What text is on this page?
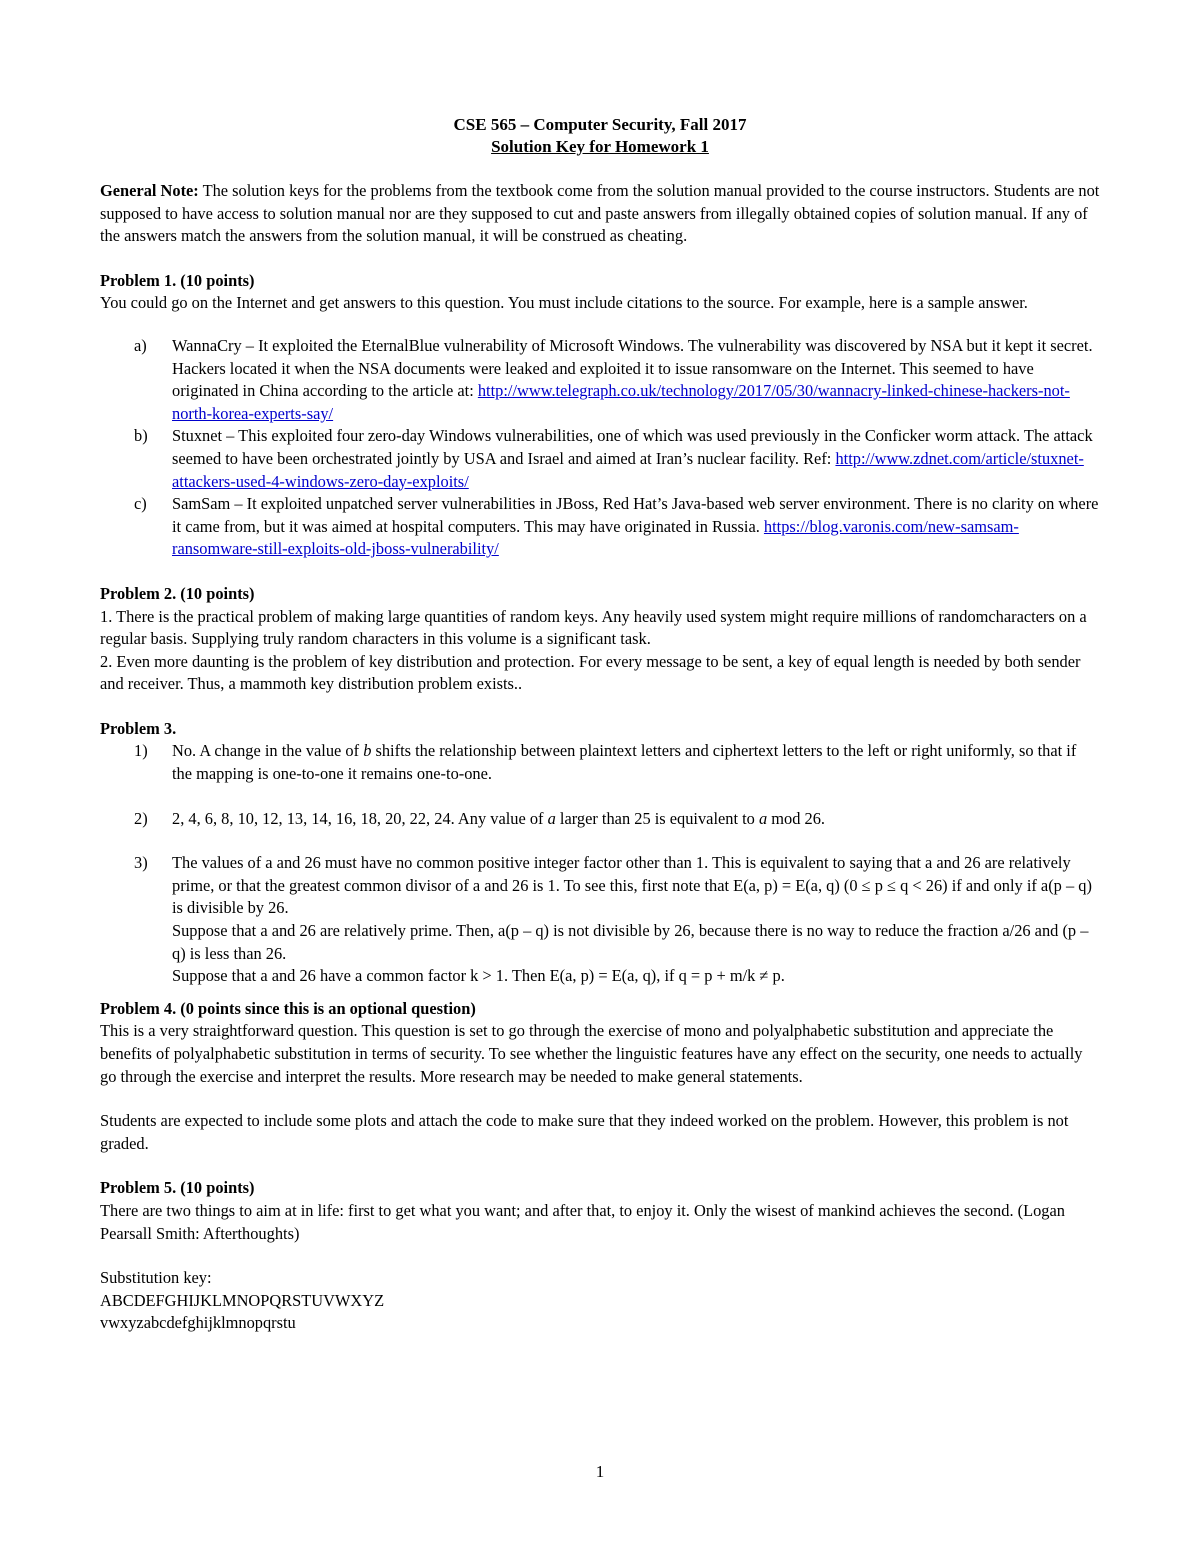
CSE 565 – Computer Security, Fall 2017

Solution Key for Homework 1

General Note: The solution keys for the problems from the textbook come from the solution manual provided to the course instructors. Students are not supposed to have access to solution manual nor are they supposed to cut and paste answers from illegally obtained copies of solution manual. If any of the answers match the answers from the solution manual, it will be construed as cheating.

Problem 1. (10 points)

You could go on the Internet and get answers to this question. You must include citations to the source. For example, here is a sample answer.

a) WannaCry – It exploited the EternalBlue vulnerability of Microsoft Windows. The vulnerability was discovered by NSA but it kept it secret. Hackers located it when the NSA documents were leaked and exploited it to issue ransomware on the Internet. This seemed to have originated in China according to the article at: http://www.telegraph.co.uk/technology/2017/05/30/wannacry-linked-chinese-hackers-not-north-korea-experts-say/
b) Stuxnet – This exploited four zero-day Windows vulnerabilities, one of which was used previously in the Conficker worm attack. The attack seemed to have been orchestrated jointly by USA and Israel and aimed at Iran’s nuclear facility. Ref: http://www.zdnet.com/article/stuxnet-attackers-used-4-windows-zero-day-exploits/
c) SamSam – It exploited unpatched server vulnerabilities in JBoss, Red Hat’s Java-based web server environment. There is no clarity on where it came from, but it was aimed at hospital computers. This may have originated in Russia. https://blog.varonis.com/new-samsam-ransomware-still-exploits-old-jboss-vulnerability/

Problem 2. (10 points)

1. There is the practical problem of making large quantities of random keys. Any heavily used system might require millions of randomcharacters on a regular basis. Supplying truly random characters in this volume is a significant task.

2. Even more daunting is the problem of key distribution and protection. For every message to be sent, a key of equal length is needed by both sender and receiver. Thus, a mammoth key distribution problem exists..

Problem 3.

1) No. A change in the value of b shifts the relationship between plaintext letters and ciphertext letters to the left or right uniformly, so that if the mapping is one-to-one it remains one-to-one.
2) 2, 4, 6, 8, 10, 12, 13, 14, 16, 18, 20, 22, 24. Any value of a larger than 25 is equivalent to a mod 26.
3) The values of a and 26 must have no common positive integer factor other than 1. This is equivalent to saying that a and 26 are relatively prime, or that the greatest common divisor of a and 26 is 1. To see this, first note that E(a, p) = E(a, q) (0 ≤ p ≤ q < 26) if and only if a(p – q) is divisible by 26.
Suppose that a and 26 are relatively prime. Then, a(p – q) is not divisible by 26, because there is no way to reduce the fraction a/26 and (p – q) is less than 26.
Suppose that a and 26 have a common factor k > 1. Then E(a, p) = E(a, q), if q = p + m/k ≠ p.

Problem 4. (0 points since this is an optional question)

This is a very straightforward question. This question is set to go through the exercise of mono and polyalphabetic substitution and appreciate the benefits of polyalphabetic substitution in terms of security. To see whether the linguistic features have any effect on the security, one needs to actually go through the exercise and interpret the results. More research may be needed to make general statements.

Students are expected to include some plots and attach the code to make sure that they indeed worked on the problem. However, this problem is not graded.

Problem 5. (10 points)

There are two things to aim at in life: first to get what you want; and after that, to enjoy it. Only the wisest of mankind achieves the second. (Logan Pearsall Smith: Afterthoughts)

Substitution key:

ABCDEFGHIJKLMNOPQRSTUVWXYZ

vwxyzabcdefghijklmnopqrstu

1
